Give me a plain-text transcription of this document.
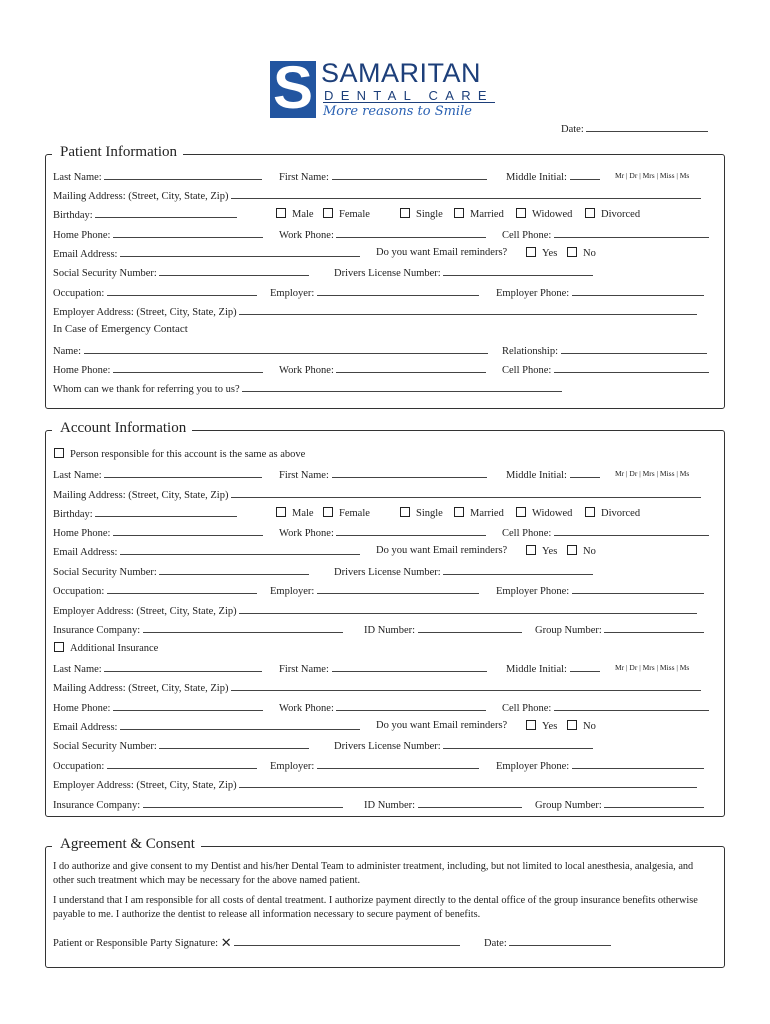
S SAMARITAN
DENTAL CARE
More reasons to Smile
Date:
Patient Information
Last Name:	First Name:	Middle Initial:	Mr | Dr | Mrs | Miss | Ms
Mailing Address: (Street, City, State, Zip)
Birthday:	Male	Female	Single	Married	Widowed	Divorced
Home Phone:	Work Phone:	Cell Phone:
Email Address:	Do you want Email reminders?	Yes	No
Social Security Number:	Drivers License Number:
Occupation:	Employer:	Employer Phone:
Employer Address: (Street, City, State, Zip)
In Case of Emergency Contact
Name:	Relationship:
Home Phone:	Work Phone:	Cell Phone:
Whom can we thank for referring you to us?
Account Information
Person responsible for this account is the same as above
Last Name:	First Name:	Middle Initial:	Mr | Dr | Mrs | Miss | Ms
Mailing Address: (Street, City, State, Zip)
Birthday:	Male	Female	Single	Married	Widowed	Divorced
Home Phone:	Work Phone:	Cell Phone:
Email Address:	Do you want Email reminders?	Yes	No
Social Security Number:	Drivers License Number:
Occupation:	Employer:	Employer Phone:
Employer Address: (Street, City, State, Zip)
Insurance Company:	ID Number:	Group Number:
Additional Insurance
Last Name:	First Name:	Middle Initial:	Mr | Dr | Mrs | Miss | Ms
Mailing Address: (Street, City, State, Zip)
Home Phone:	Work Phone:	Cell Phone:
Email Address:	Do you want Email reminders?	Yes	No
Social Security Number:	Drivers License Number:
Occupation:	Employer:	Employer Phone:
Employer Address: (Street, City, State, Zip)
Insurance Company:	ID Number:	Group Number:
Agreement & Consent
I do authorize and give consent to my Dentist and his/her Dental Team to administer treatment, including, but not limited to local anesthesia, analgesia, and other such treatment which may be necessary for the above named patient.
I understand that I am responsible for all costs of dental treatment. I authorize payment directly to the dental office of the group insurance benefits otherwise payable to me. I authorize the dentist to release all information necessary to secure payment of benefits.
Patient or Responsible Party Signature: ✕	Date:
